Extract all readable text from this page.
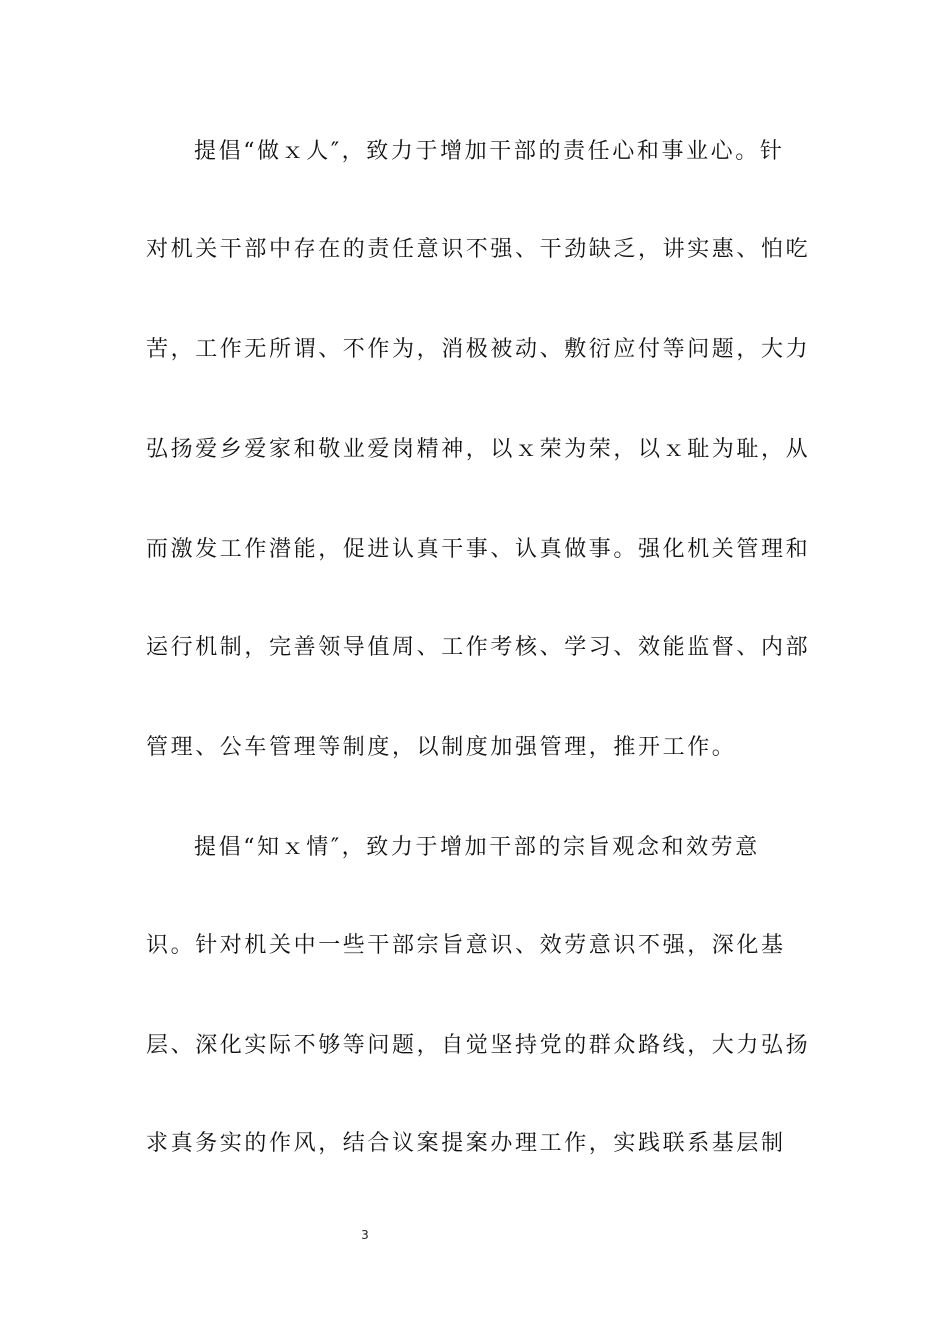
提倡“做ｘ人″，致力于增加干部的责任心和事业心。针
对机关干部中存在的责任意识不强、干劲缺乏，讲实惠、怕吃
苦，工作无所谓、不作为，消极被动、敷衍应付等问题，大力
弘扬爱乡爱家和敬业爱岗精神，以ｘ荣为荣，以ｘ耻为耻，从
而激发工作潜能，促进认真干事、认真做事。强化机关管理和
运行机制，完善领导值周、工作考核、学习、效能监督、内部
管理、公车管理等制度，以制度加强管理，推开工作。
提倡“知ｘ情″，致力于增加干部的宗旨观念和效劳意
识。针对机关中一些干部宗旨意识、效劳意识不强，深化基
层、深化实际不够等问题，自觉坚持党的群众路线，大力弘扬
求真务实的作风，结合议案提案办理工作，实践联系基层制
3
